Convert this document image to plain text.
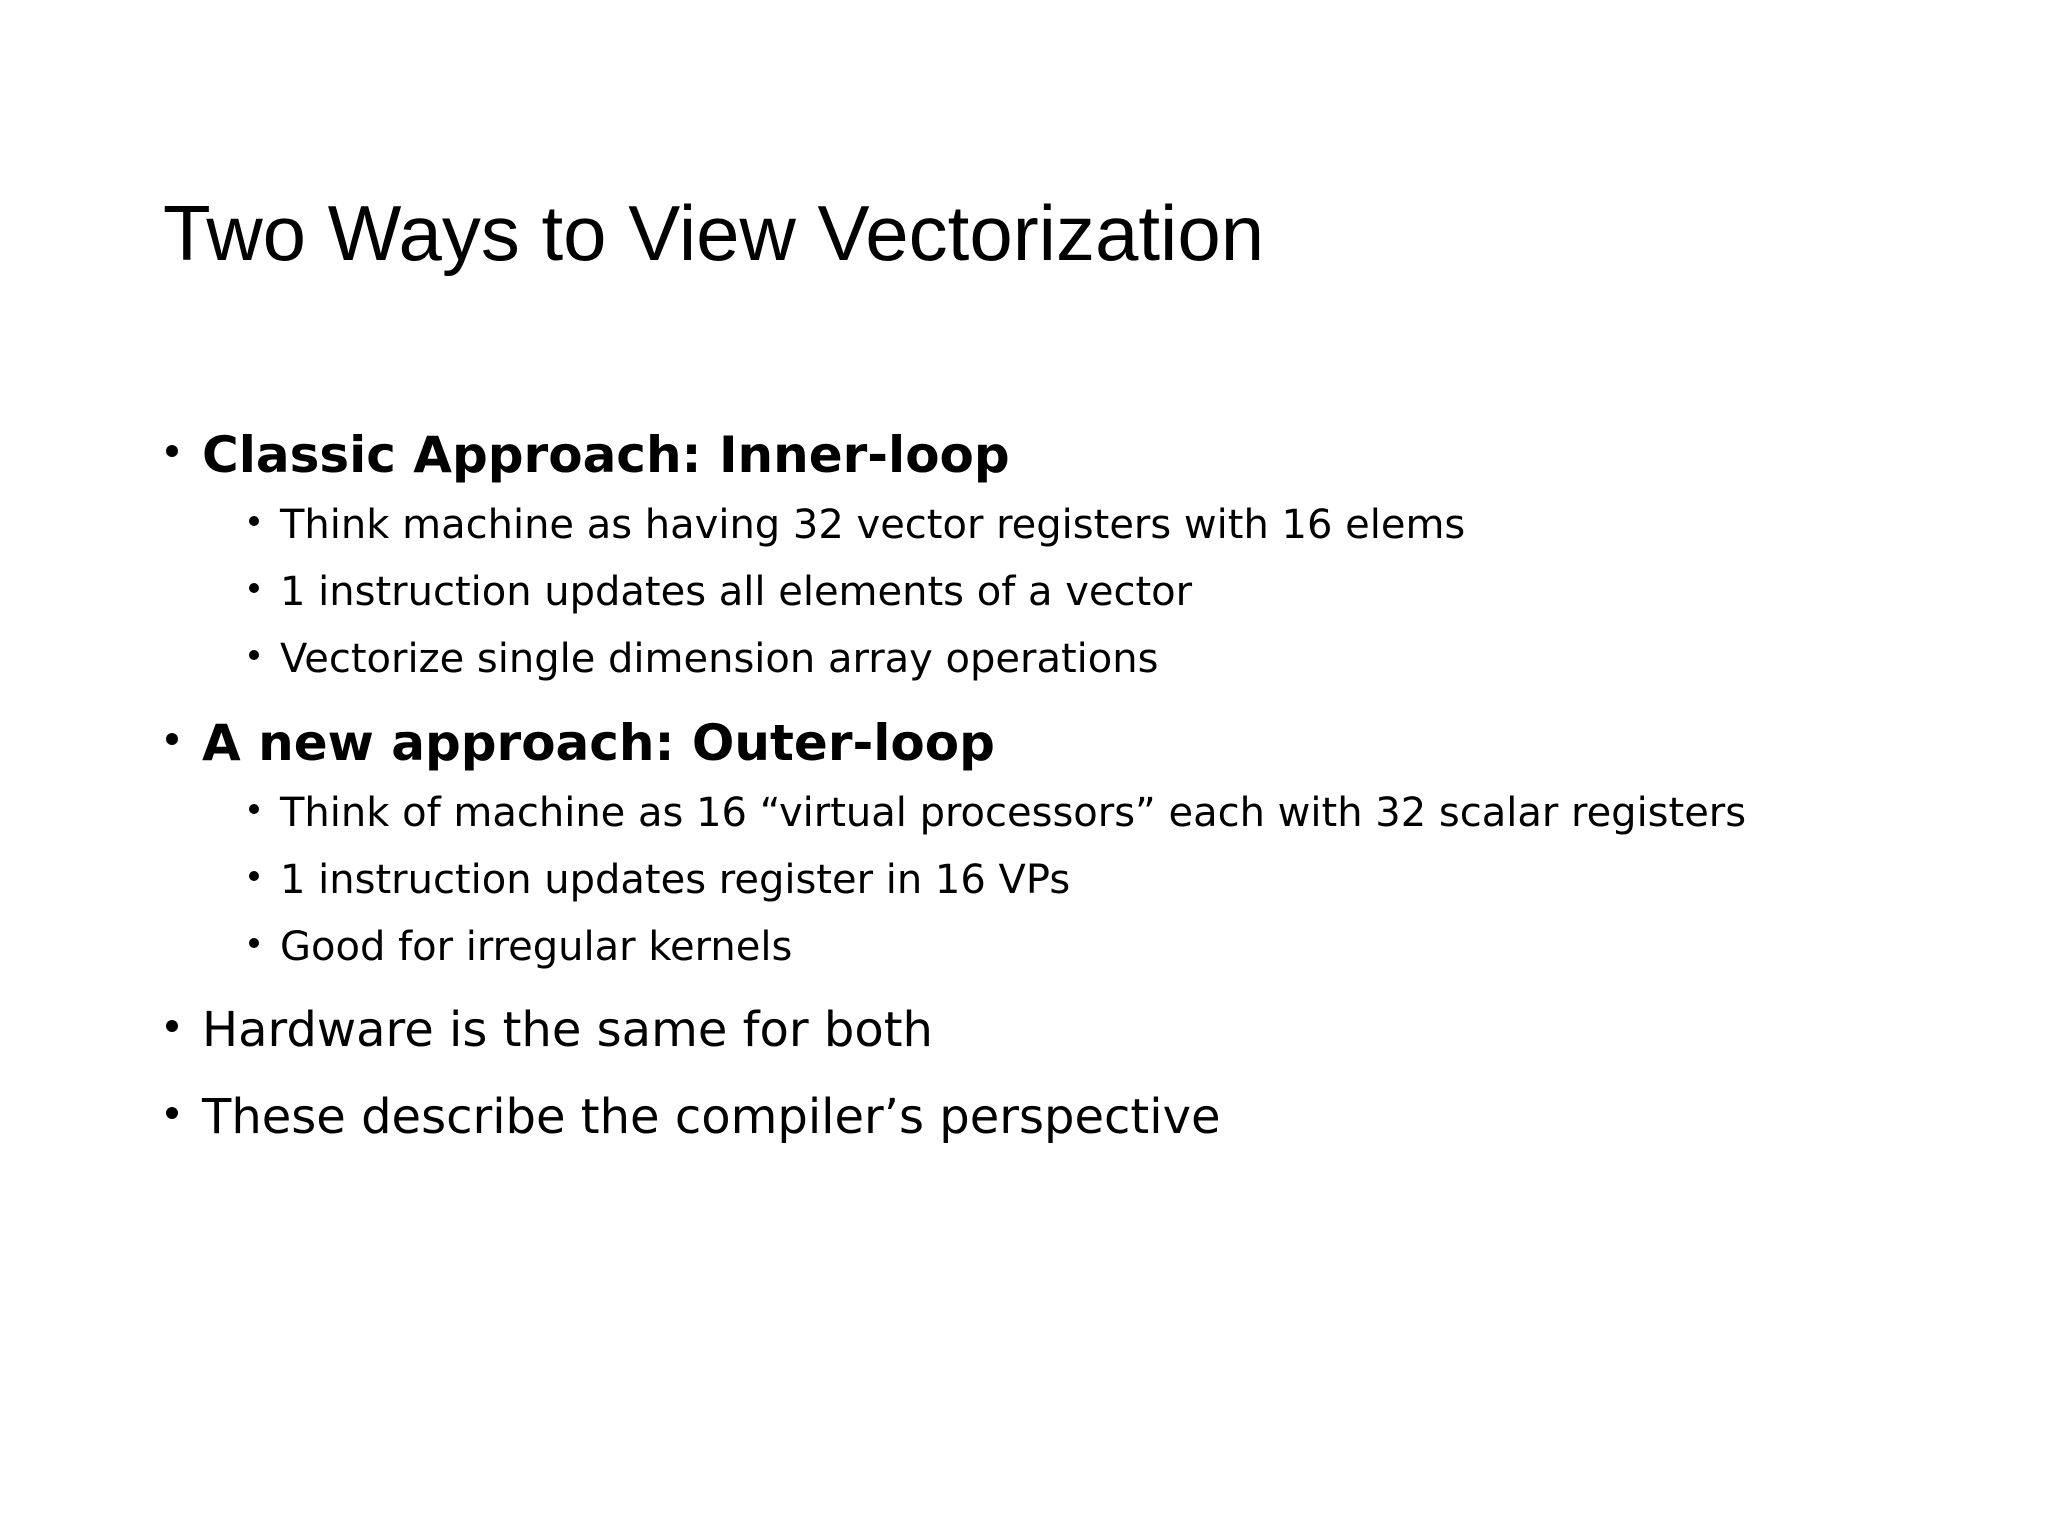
Two Ways to View Vectorization
Classic Approach: Inner-loop
Think machine as having 32 vector registers with 16 elems
1 instruction updates all elements of a vector
Vectorize single dimension array operations
A new approach: Outer-loop
Think of machine as 16 “virtual processors” each with 32 scalar registers
1 instruction updates register in 16 VPs
Good for irregular kernels
Hardware is the same for both
These describe the compiler’s perspective
